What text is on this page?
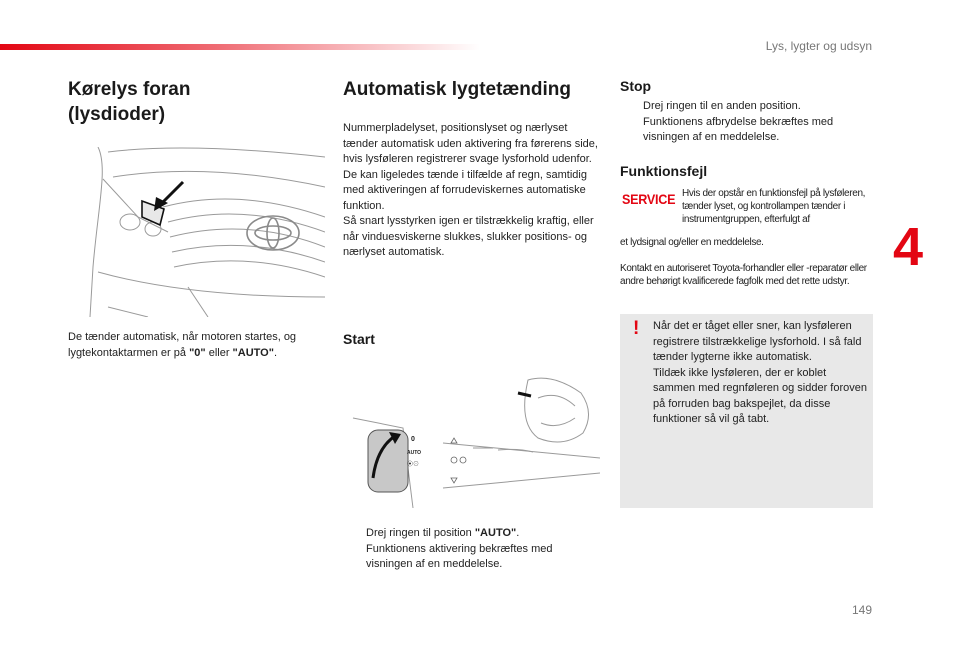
Lys, lygter og udsyn
4
149
Kørelys foran
(lysdioder)

De tænder automatisk, når motoren startes, og lygtekontaktarmen er på "0" eller "AUTO".

Automatisk lygtetænding
Nummerpladelyset, positionslyset og nærlyset tænder automatisk uden aktivering fra førerens side, hvis lysføleren registrerer svage lysforhold udenfor. De kan ligeledes tænde i tilfælde af regn, samtidig med aktiveringen af forrudeviskernes automatiske funktion.
Så snart lysstyrken igen er tilstrækkelig kraftig, eller når vinduesviskerne slukkes, slukker positions- og nærlyset automatisk.
Start
0
AUTO
⦿⊙
Drej ringen til position "AUTO".
Funktionens aktivering bekræftes med visningen af en meddelelse.
Stop
Drej ringen til en anden position. Funktionens afbrydelse bekræftes med visningen af en meddelelse.
Funktionsfejl
SERVICE Hvis der opstår en funktionsfejl på lysføleren, tænder lyset, og kontrollampen tænder i instrumentgruppen, efterfulgt af
et lydsignal og/eller en meddelelse.
Kontakt en autoriseret Toyota-forhandler eller -reparatør eller andre behørigt kvalificerede fagfolk med det rette udstyr.
! Når det er tåget eller sner, kan lysføleren registrere tilstrækkelige lysforhold. I så fald tænder lygterne ikke automatisk.
Tildæk ikke lysføleren, der er koblet sammen med regnføleren og sidder foroven på forruden bag bakspejlet, da disse funktioner så vil gå tabt.
